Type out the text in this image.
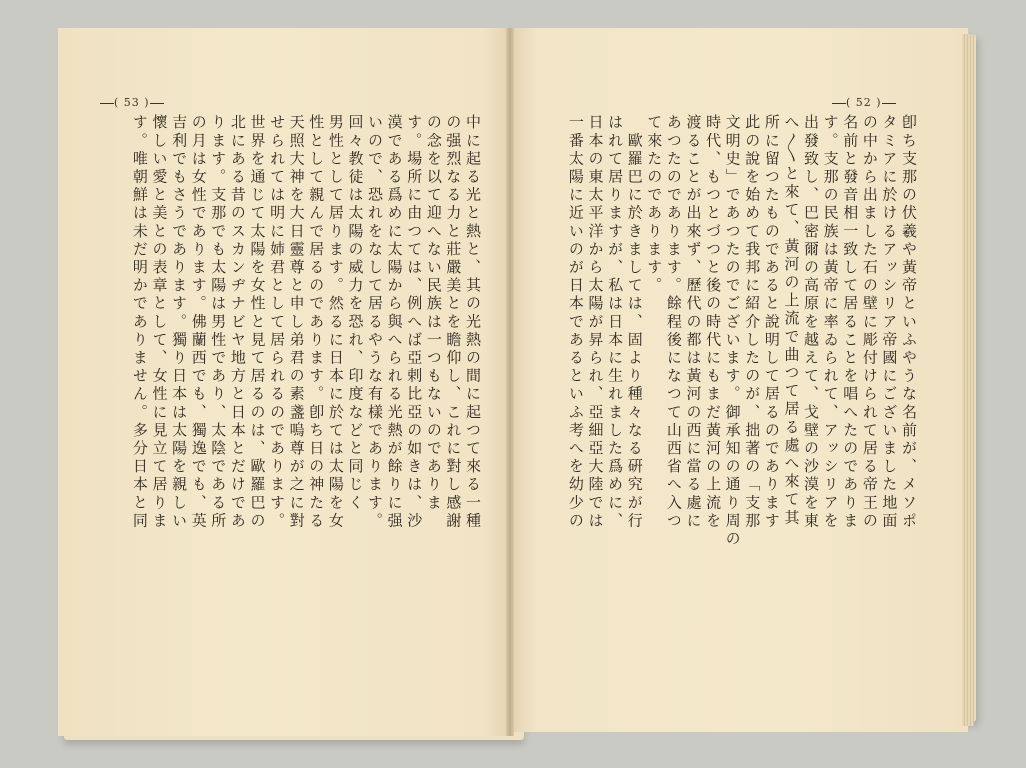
( 53 )	( 52 )
卽ち支那の伏羲や黃帝といふやうな名前が、メソポ
タミアに於けるアッシリア帝國にございました地面
の中から出ました石の壁に彫付けられて居る帝王の
名前と發音相一致して居ることを唱へたのでありま
す。支那の民族は黃帝に率ゐられて、アッシリアを
出發致し、巴密爾の高原を越えて、戈壁の沙漠を東
へ〳〵と來て、黃河の上流で曲つて居る處へ來て其
所に留つたものであると說明して居るのであります
此の說を始めて我邦に紹介したのが、拙著の「支那
文明史」であつたのでございます。御承知の通り周の
時代、もつとづつと後の時代にもまだ黃河の上流を
渡ることが出來ず、歷代の都は黃河の西に當る處に
あつたのであります。餘程後になつて山西省へ入つ
て來たのであります。
　歐羅巴に於きましては、固より種々なる硏究が行
はれて居りますが、私は日本に生れました爲めに、
日本の東太平洋から太陽が昇られ、亞細亞大陸では
一番太陽に近いのが日本であるといふ考へを幼少の
中に起る光と熱と、其の光熱の間に起つて來る一種
の强烈なる力と莊嚴美とを瞻仰し、これに對し感謝
の念を以て迎へない民族は一つもないのでありま
す。場所に由つては、例へば亞剌比亞の如きは、沙
漠である爲めに太陽から與へられる光熱が餘りに强
いので、恐れをなして居るやうな有樣であります。
回々教徒は太陽の威力を恐れ、印度などと同じく
男性として居ります。然るに日本に於ては太陽を女
性として親んで居るのであります。卽ち日の神たる
天照大神を大日靈尊と申し弟君の素盞嗚尊が之に對
せられては明に姉君として居られるのであります。
世界を通じて太陽を女性と見て居るのは、歐羅巴の
北にある昔のスカンヂナビヤ地方と日本とだけであ
ります。支那でも太陽は男性であり、太陰である所
の月は女性であります。佛蘭西でも、獨逸でも、英
吉利でもさうであります。獨り日本は太陽を親しい
懷しい愛と美との表章として、女性に見立て居りま
す。唯朝鮮は未だ明かでありません。多分日本と同
